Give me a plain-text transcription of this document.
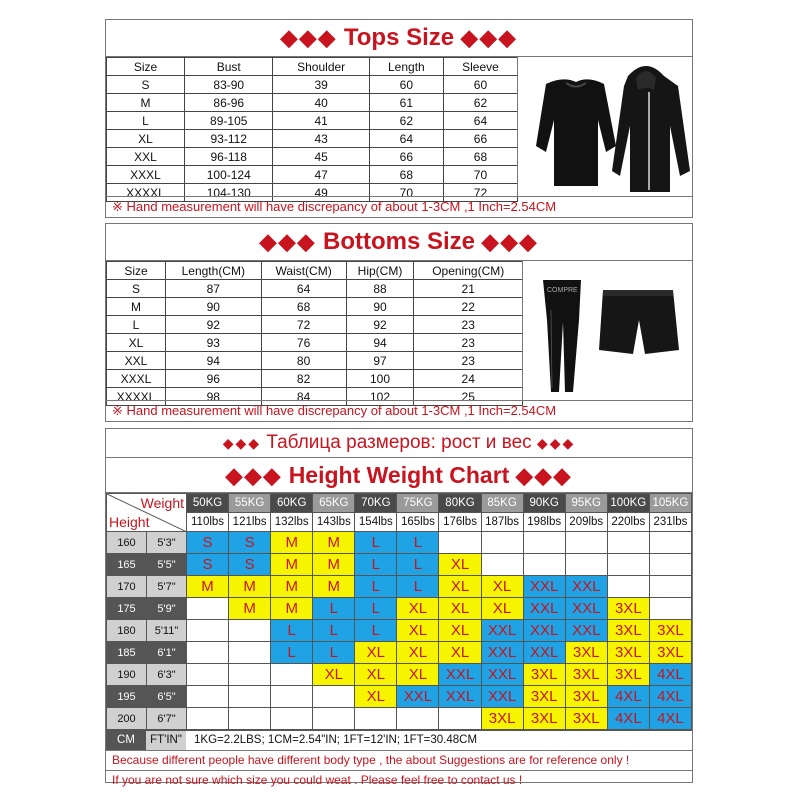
◆◆◆ Tops Size ◆◆◆
Size	Bust	Shoulder	Length	Sleeve
S	83-90	39	60	60
M	86-96	40	61	62
L	89-105	41	62	64
XL	93-112	43	64	66
XXL	96-118	45	66	68
XXXL	100-124	47	68	70
XXXXL	104-130	49	70	72
※ Hand measurement will have discrepancy of about 1-3CM ,1 Inch=2.54CM
◆◆◆ Bottoms Size ◆◆◆
Size	Length(CM)	Waist(CM)	Hip(CM)	Opening(CM)
S	87	64	88	21
M	90	68	90	22
L	92	72	92	23
XL	93	76	94	23
XXL	94	80	97	23
XXXL	96	82	100	24
XXXXL	98	84	102	25
COMPRE
※ Hand measurement will have discrepancy of about 1-3CM ,1 Inch=2.54CM
◆◆◆ Таблица размеров: рост и вес ◆◆◆
◆◆◆ Height Weight Chart ◆◆◆
Weight
Height		50KG	55KG	60KG	65KG	70KG	75KG	80KG	85KG	90KG	95KG	100KG	105KG
		110lbs	121lbs	132lbs	143lbs	154lbs	165lbs	176lbs	187lbs	198lbs	209lbs	220lbs	231lbs
160	5'3"	S	S	M	M	L	L						
165	5'5"	S	S	M	M	L	L	XL					
170	5'7"	M	M	M	M	L	L	XL	XL	XXL	XXL		
175	5'9"		M	M	L	L	XL	XL	XL	XXL	XXL	3XL	
180	5'11"			L	L	L	XL	XL	XXL	XXL	XXL	3XL	3XL
185	6'1"			L	L	XL	XL	XL	XXL	XXL	3XL	3XL	3XL
190	6'3"				XL	XL	XL	XXL	XXL	3XL	3XL	3XL	4XL
195	6'5"					XL	XXL	XXL	XXL	3XL	3XL	4XL	4XL
200	6'7"								3XL	3XL	3XL	4XL	4XL
CM	FT'IN"	1KG=2.2LBS; 1CM=2.54"IN; 1FT=12'IN; 1FT=30.48CM
Because different people have different body type , the about Suggestions are for reference only !
If you are not sure which size you could weat . Please feel free to contact us !
